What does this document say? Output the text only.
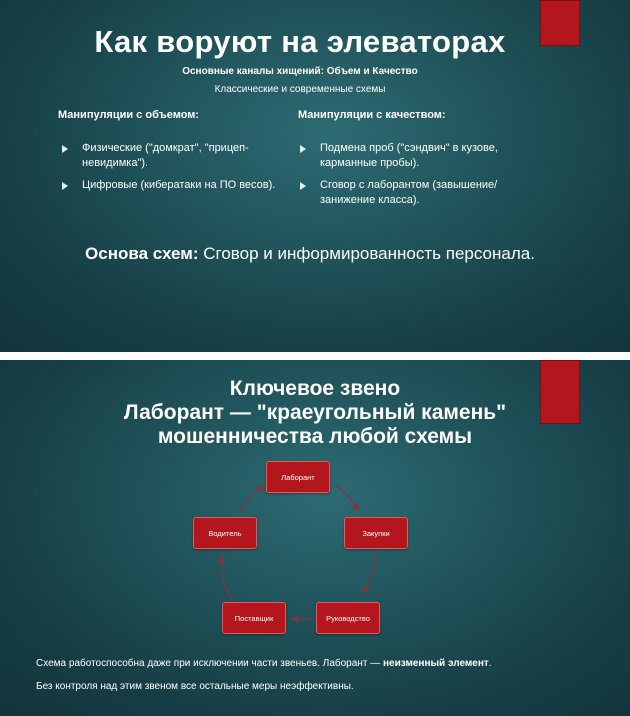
Как воруют на элеваторах
Основные каналы хищений: Объем и Качество
Классические и современные схемы
Манипуляции с объемом:	Манипуляции с качеством:
Физические ("домкрат", "прицеп-невидимка").
Цифровые (кибератаки на ПО весов).
Подмена проб ("сэндвич" в кузове, карманные пробы).
Сговор с лаборантом (завышение/занижение класса).
Основа схем: Сговор и информированность персонала.
Ключевое звено
Лаборант — "краеугольный камень"
мошенничества любой схемы
Лаборант
Закупки
Руководство
Поставщик
Водитель
Схема работоспособна даже при исключении части звеньев. Лаборант — неизменный элемент.
Без контроля над этим звеном все остальные меры неэффективны.
